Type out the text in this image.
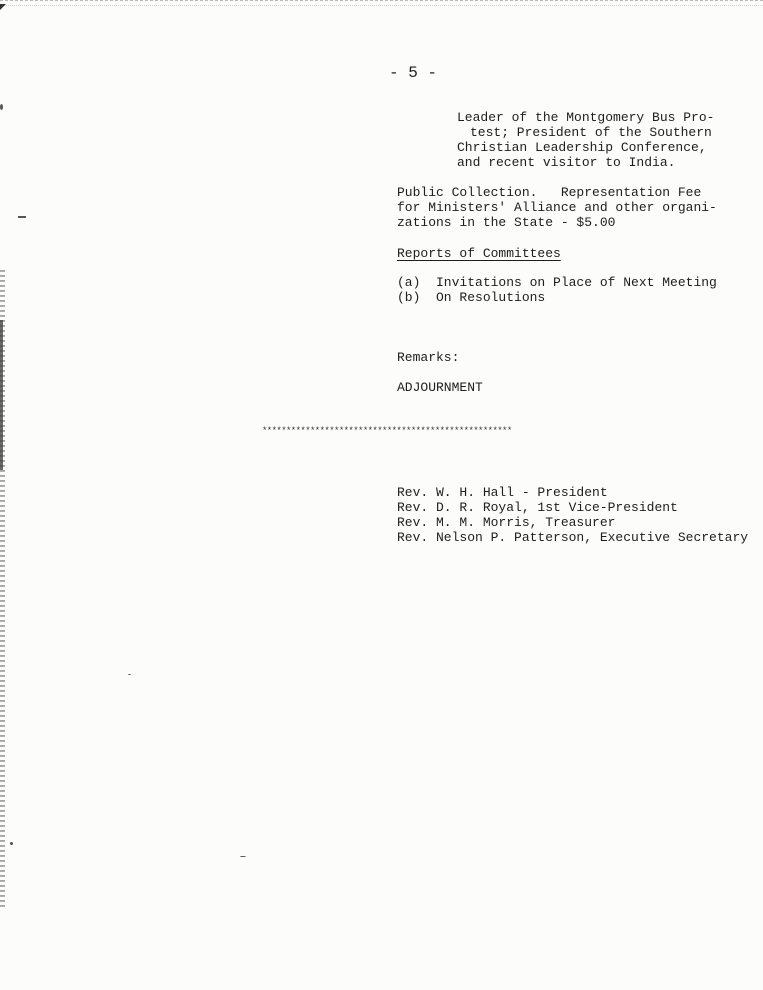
- 5 -
Leader of the Montgomery Bus Pro-
test; President of the Southern
Christian Leadership Conference,
and recent visitor to India.
Public Collection.   Representation Fee
for Ministers' Alliance and other organi-
zations in the State - $5.00
Reports of Committees
(a)  Invitations on Place of Next Meeting
(b)  On Resolutions
Remarks:
ADJOURNMENT
****************************************************
Rev. W. H. Hall - President
Rev. D. R. Royal, 1st Vice-President
Rev. M. M. Morris, Treasurer
Rev. Nelson P. Patterson, Executive Secretary
